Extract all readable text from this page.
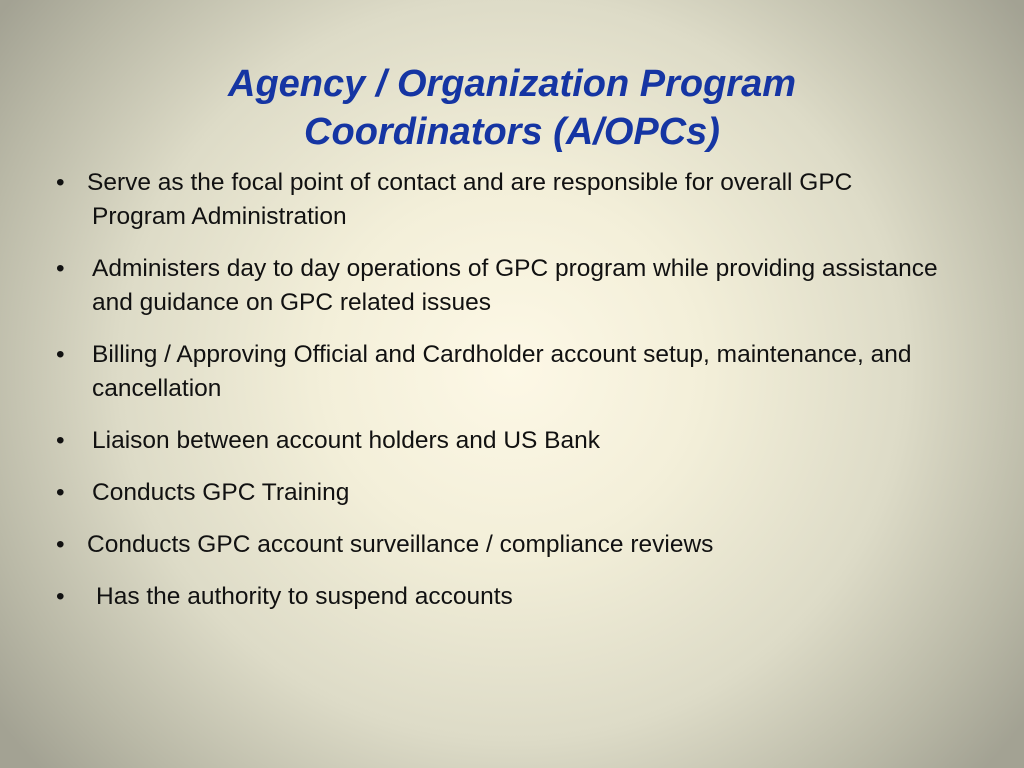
Agency / Organization Program
Coordinators (A/OPCs)
• Serve as the focal point of contact and are responsible for overall GPC
Program Administration
• Administers day to day operations of GPC program while providing assistance and guidance on GPC related issues
• Billing / Approving Official and Cardholder account setup, maintenance, and cancellation
• Liaison between account holders and US Bank
• Conducts GPC Training
• Conducts GPC account surveillance / compliance reviews
• Has the authority to suspend accounts
